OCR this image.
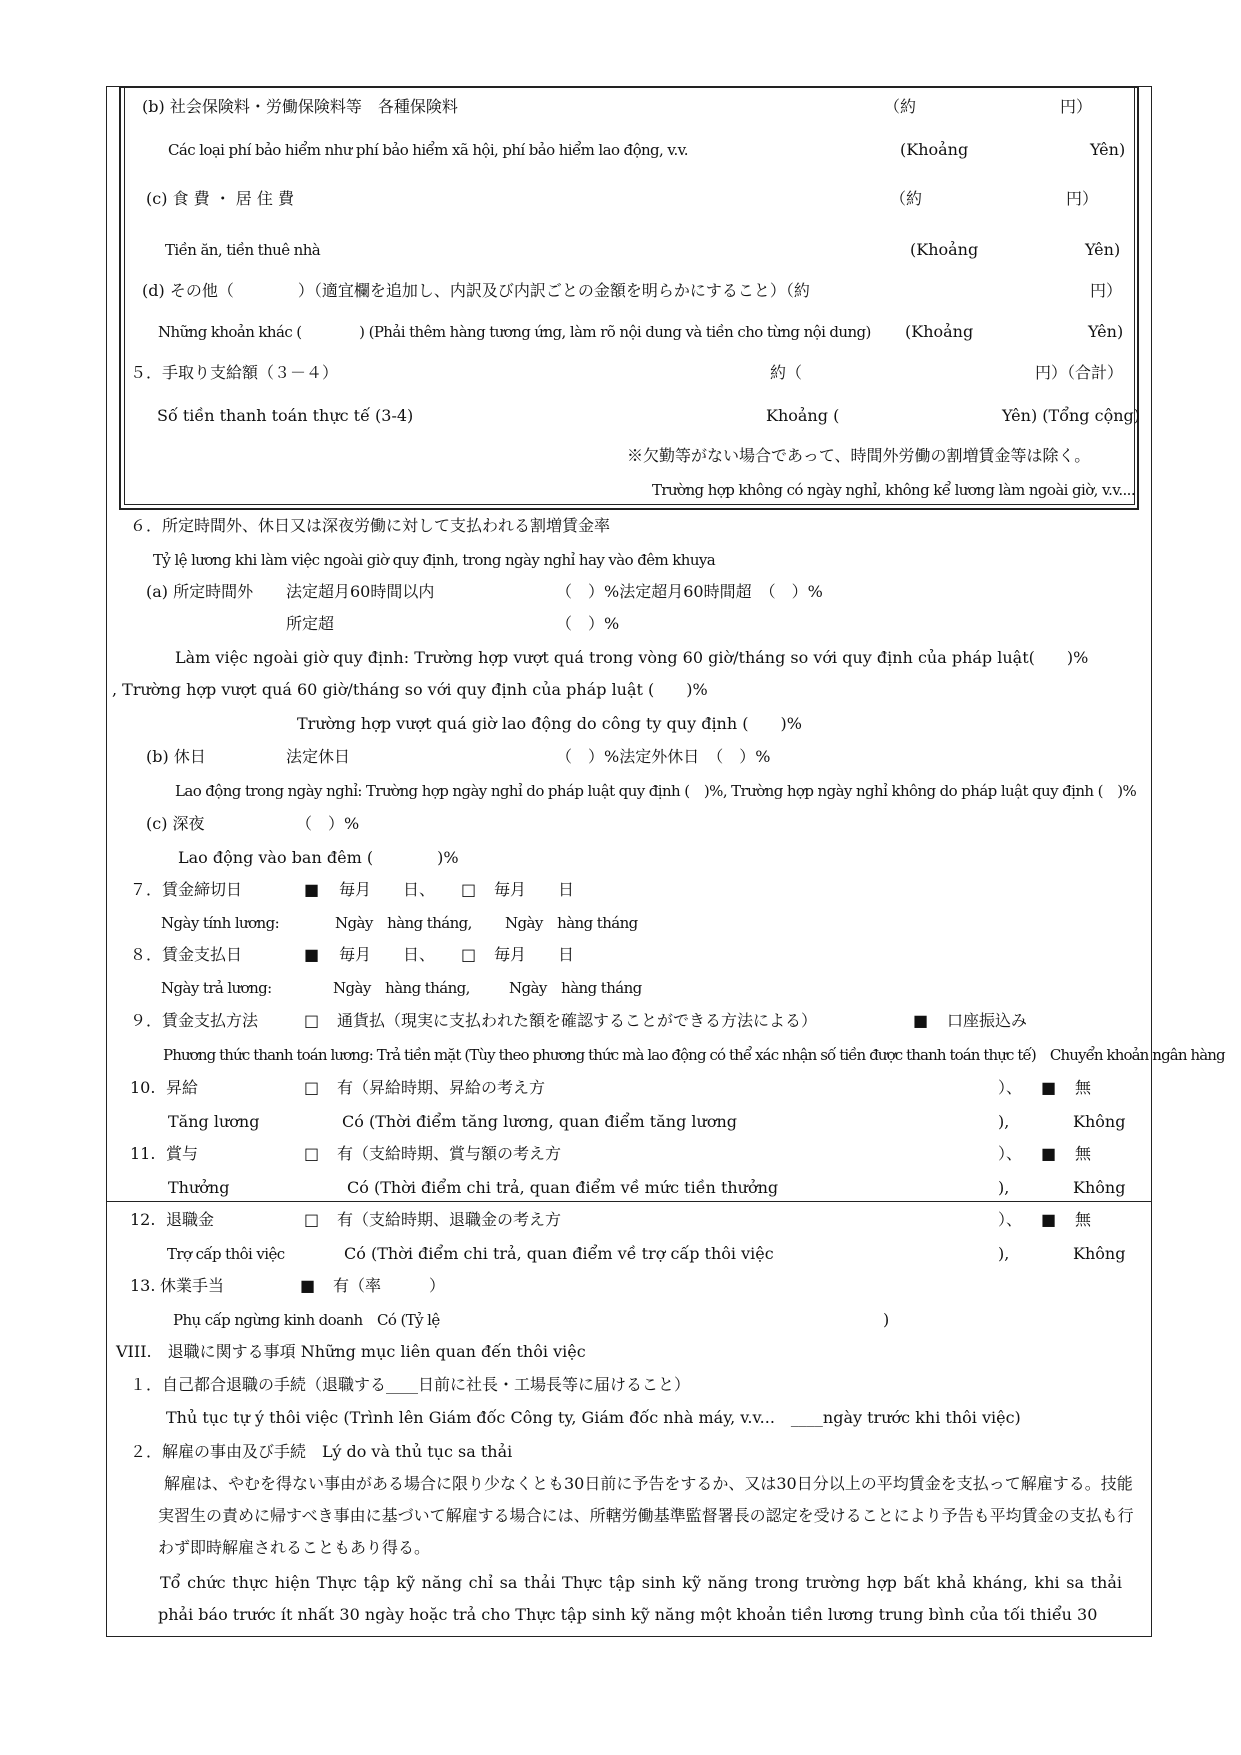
(b) 社会保険料・労働保険料等　各種保険料	（約　　　　　　　　　円）
Các loại phí bảo hiểm như phí bảo hiểm xã hội, phí bảo hiểm lao động, v.v.	(Khoảng	Yên)
(c) 食 費 ・ 居 住 費	（約　　　　　　　　　円）
Tiền ăn, tiền thuê nhà	(Khoảng	Yên)
(d) その他（　　　　）（適宜欄を追加し、内訳及び内訳ごとの金額を明らかにすること）（約	円）
Những khoản khác (　　　　) (Phải thêm hàng tương ứng, làm rõ nội dung và tiền cho từng nội dung) (Khoảng	Yên)
５．手取り支給額（３－４）	約（	円）（合計）
Số tiền thanh toán thực tế (3-4)	Khoảng (	Yên) (Tổng cộng)
※欠勤等がない場合であって、時間外労働の割増賃金等は除く。
Trường hợp không có ngày nghỉ, không kể lương làm ngoài giờ, v.v....
６．所定時間外、休日又は深夜労働に対して支払われる割増賃金率
Tỷ lệ lương khi làm việc ngoài giờ quy định, trong ngày nghỉ hay vào đêm khuya
(a) 所定時間外 法定超月60時間以内	（　）%法定超月60時間超　（　）%
所定超	（　）%
Làm việc ngoài giờ quy định: Trường hợp vượt quá trong vòng 60 giờ/tháng so với quy định của pháp luật(　　)%
, Trường hợp vượt quá 60 giờ/tháng so với quy định của pháp luật (　　)%
Trường hợp vượt quá giờ lao động do công ty quy định (　　)%
(b) 休日	法定休日	（　）%法定外休日　（　）%
Lao động trong ngày nghỉ: Trường hợp ngày nghỉ do pháp luật quy định (　)%, Trường hợp ngày nghỉ không do pháp luật quy định (　)%
(c) 深夜	（　）%
Lao động vào ban đêm (　　　　)%
７．賃金締切日	■ 毎月　　日、 □ 毎月　　日
Ngày tính lương:	Ngày　hàng tháng, Ngày　hàng tháng
８．賃金支払日	■ 毎月　　日、 □ 毎月　　日
Ngày trả lương:	Ngày　hàng tháng,	Ngày　hàng tháng
９．賃金支払方法	□ 通貨払（現実に支払われた額を確認することができる方法による）	■ 口座振込み
Phương thức thanh toán lương: Trả tiền mặt (Tùy theo phương thức mà lao động có thể xác nhận số tiền được thanh toán thực tế)　Chuyển khoản ngân hàng
10. 昇給	□ 有（昇給時期、昇給の考え方	）、 ■ 無
Tăng lương	Có (Thời điểm tăng lương, quan điểm tăng lương	),	Không
11. 賞与	□ 有（支給時期、賞与額の考え方	）、 ■ 無
Thưởng	Có (Thời điểm chi trả, quan điểm về mức tiền thưởng	),	Không
12. 退職金	□ 有（支給時期、退職金の考え方	）、 ■ 無
Trợ cấp thôi việc	Có (Thời điểm chi trả, quan điểm về trợ cấp thôi việc	),	Không
13. 休業手当	■ 有（率　　　）
Phụ cấp ngừng kinh doanh　Có (Tỷ lệ	)
VIII.　退職に関する事項 Những mục liên quan đến thôi việc
１．自己都合退職の手続（退職する____日前に社長・工場長等に届けること）
Thủ tục tự ý thôi việc (Trình lên Giám đốc Công ty, Giám đốc nhà máy, v.v...　____ngày trước khi thôi việc)
２．解雇の事由及び手続　Lý do và thủ tục sa thải
解雇は、やむを得ない事由がある場合に限り少なくとも30日前に予告をするか、又は30日分以上の平均賃金を支払って解雇する。技能実習生の責めに帰すべき事由に基づいて解雇する場合には、所轄労働基準監督署長の認定を受けることにより予告も平均賃金の支払も行わず即時解雇されることもあり得る。
Tổ chức thực hiện Thực tập kỹ năng chỉ sa thải Thực tập sinh kỹ năng trong trường hợp bất khả kháng, khi sa thải phải báo trước ít nhất 30 ngày hoặc trả cho Thực tập sinh kỹ năng một khoản tiền lương trung bình của tối thiểu 30
